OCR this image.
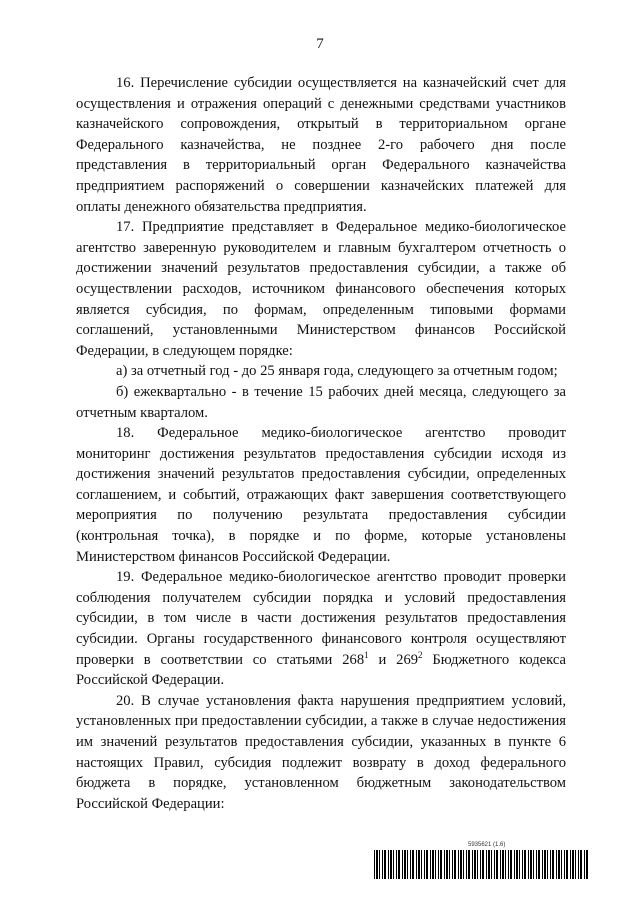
7

16. Перечисление субсидии осуществляется на казначейский счет для осуществления и отражения операций с денежными средствами участников казначейского сопровождения, открытый в территориальном органе Федерального казначейства, не позднее 2-го рабочего дня после представления в территориальный орган Федерального казначейства предприятием распоряжений о совершении казначейских платежей для оплаты денежного обязательства предприятия.

17. Предприятие представляет в Федеральное медико-биологическое агентство заверенную руководителем и главным бухгалтером отчетность о достижении значений результатов предоставления субсидии, а также об осуществлении расходов, источником финансового обеспечения которых является субсидия, по формам, определенным типовыми формами соглашений, установленными Министерством финансов Российской Федерации, в следующем порядке:

а) за отчетный год - до 25 января года, следующего за отчетным годом;

б) ежеквартально - в течение 15 рабочих дней месяца, следующего за отчетным кварталом.

18. Федеральное медико-биологическое агентство проводит мониторинг достижения результатов предоставления субсидии исходя из достижения значений результатов предоставления субсидии, определенных соглашением, и событий, отражающих факт завершения соответствующего мероприятия по получению результата предоставления субсидии (контрольная точка), в порядке и по форме, которые установлены Министерством финансов Российской Федерации.

19. Федеральное медико-биологическое агентство проводит проверки соблюдения получателем субсидии порядка и условий предоставления субсидии, в том числе в части достижения результатов предоставления субсидии. Органы государственного финансового контроля осуществляют проверки в соответствии со статьями $268^1$ и $269^2$ Бюджетного кодекса Российской Федерации.

20. В случае установления факта нарушения предприятием условий, установленных при предоставлении субсидии, а также в случае недостижения им значений результатов предоставления субсидии, указанных в пункте 6 настоящих Правил, субсидия подлежит возврату в доход федерального бюджета в порядке, установленном бюджетным законодательством Российской Федерации:

5935621 (1.6)
